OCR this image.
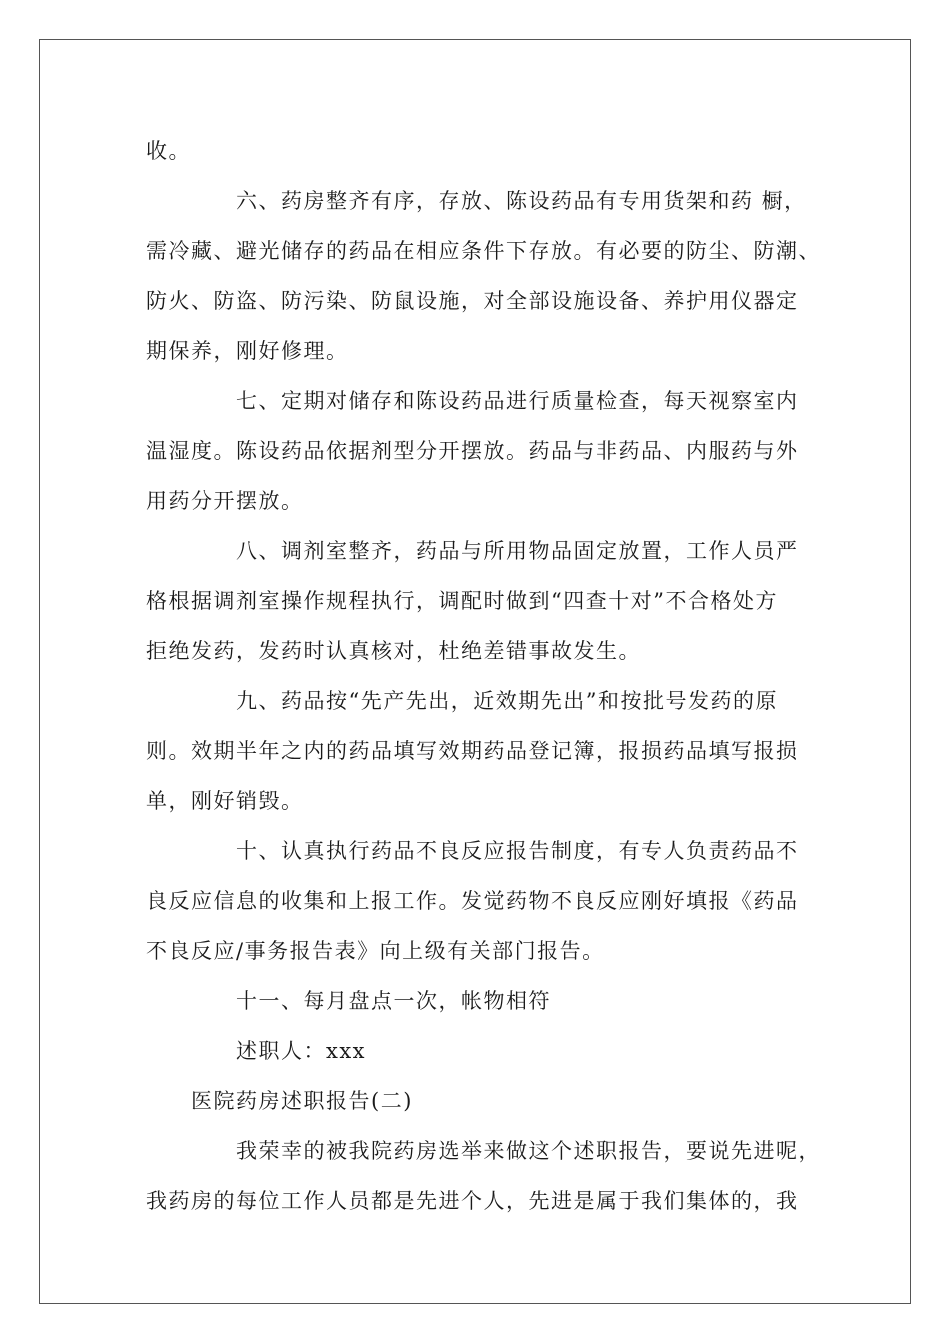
收。
六、药房整齐有序，存放、陈设药品有专用货架和药 橱，
需冷藏、避光储存的药品在相应条件下存放。有必要的防尘、防潮、
防火、防盗、防污染、防鼠设施，对全部设施设备、养护用仪器定
期保养，刚好修理。
七、定期对储存和陈设药品进行质量检查，每天视察室内
温湿度。陈设药品依据剂型分开摆放。药品与非药品、内服药与外
用药分开摆放。
八、调剂室整齐，药品与所用物品固定放置，工作人员严
格根据调剂室操作规程执行，调配时做到“四查十对”不合格处方
拒绝发药，发药时认真核对，杜绝差错事故发生。
九、药品按“先产先出，近效期先出”和按批号发药的原
则。效期半年之内的药品填写效期药品登记簿，报损药品填写报损
单，刚好销毁。
十、认真执行药品不良反应报告制度，有专人负责药品不
良反应信息的收集和上报工作。发觉药物不良反应刚好填报《药品
不良反应/事务报告表》向上级有关部门报告。
十一、每月盘点一次，帐物相符
述职人：xxx
医院药房述职报告(二)
我荣幸的被我院药房选举来做这个述职报告，要说先进呢，
我药房的每位工作人员都是先进个人，先进是属于我们集体的，我
